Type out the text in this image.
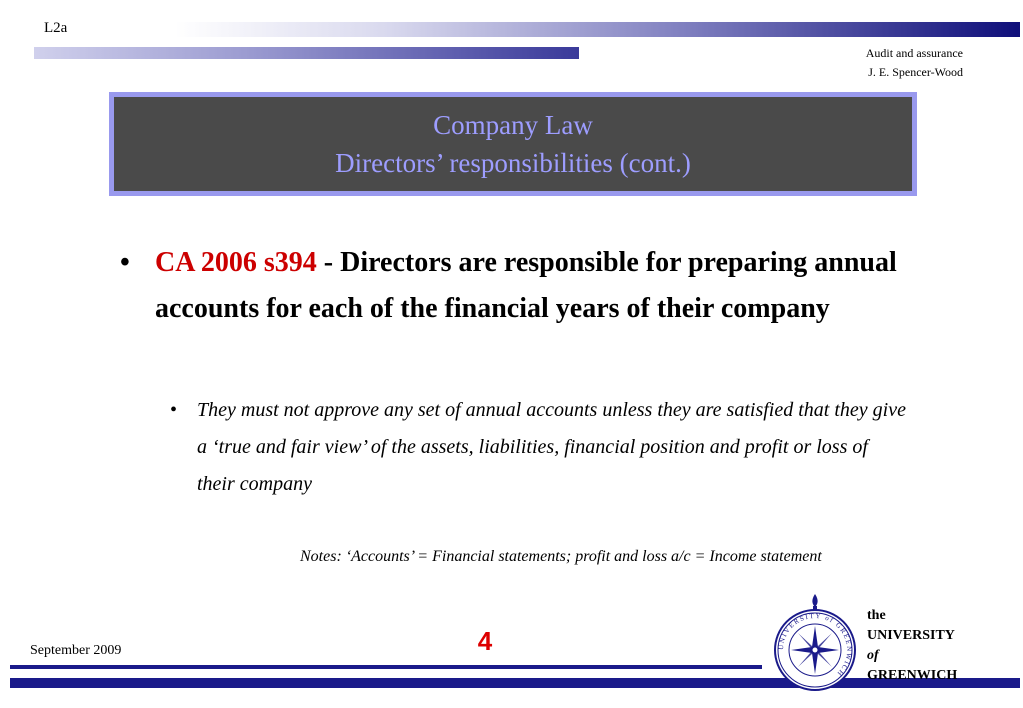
L2a
Audit and assurance
J. E. Spencer-Wood
Company Law
Directors’ responsibilities (cont.)
• CA 2006 s394 - Directors are responsible for preparing annual accounts for each of the financial years of their company
• They must not approve any set of annual accounts unless they are satisfied that they give a ‘true and fair view’ of the assets, liabilities, financial position and profit or loss of their company
Notes: ‘Accounts’ = Financial statements; profit and loss a/c = Income statement
September 2009	4	UNIVERSITY of GREENWICH
the
UNIVERSITY
of
GREENWICH
